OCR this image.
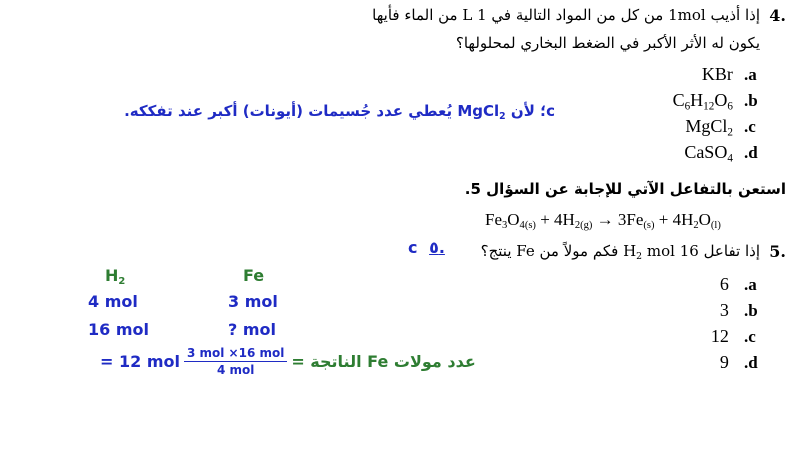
4.
إذا أذيب 1mol من كل من المواد التالية في L 1 من الماء فأيها
يكون له الأثر الأكبر في الضغط البخاري لمحلولها؟
KBr .a
$C_6H_{12}O_6$ .b
MgCl$_2$ .c
CaSO$_4$ .d
c؛ لأن MgCl$_2$ يُعطي عدد جُسيمات (أيونات) أكبر عند تفككه.
استعن بالتفاعل الآتي للإجابة عن السؤال 5.
$Fe_3O_{4(s)} + 4H_{2(g)} \to 3Fe_{(s)} + 4H_2O_{(l)}$
5.
إذا تفاعل 16 mol $H_2$ فكم مولاً من Fe ينتج؟
6 .a
3 .b
12 .c
9 .d
c ٥.
$H_2$	Fe
4 mol	3 mol
16 mol	? mol
= 12 mol $\frac{\text{3 mol ×16 mol}}{\text{4 mol}}$ عدد مولات Fe الناتجة =
